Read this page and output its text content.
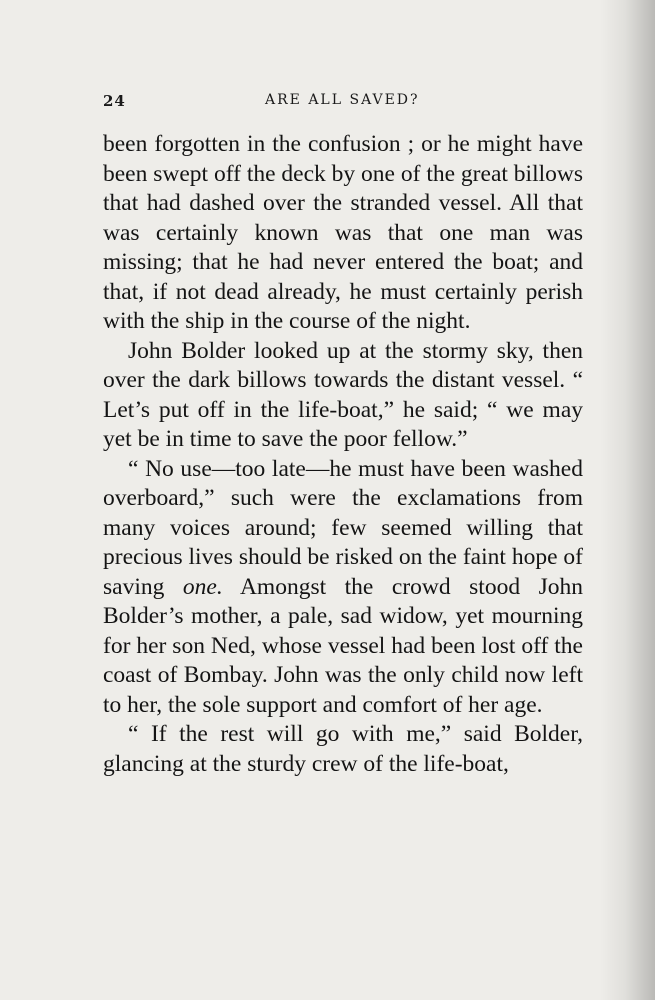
24	ARE ALL SAVED?

been forgotten in the confusion ; or he might have been swept off the deck by one of the great billows that had dashed over the stranded vessel. All that was certainly known was that one man was missing; that he had never entered the boat; and that, if not dead already, he must certainly perish with the ship in the course of the night.

John Bolder looked up at the stormy sky, then over the dark billows towards the distant vessel. “ Let’s put off in the life-boat,” he said; “ we may yet be in time to save the poor fellow.”

“ No use—too late—he must have been washed overboard,” such were the exclamations from many voices around; few seemed willing that precious lives should be risked on the faint hope of saving one. Amongst the crowd stood John Bolder’s mother, a pale, sad widow, yet mourning for her son Ned, whose vessel had been lost off the coast of Bombay. John was the only child now left to her, the sole support and comfort of her age.

“ If the rest will go with me,” said Bolder, glancing at the sturdy crew of the life-boat,
